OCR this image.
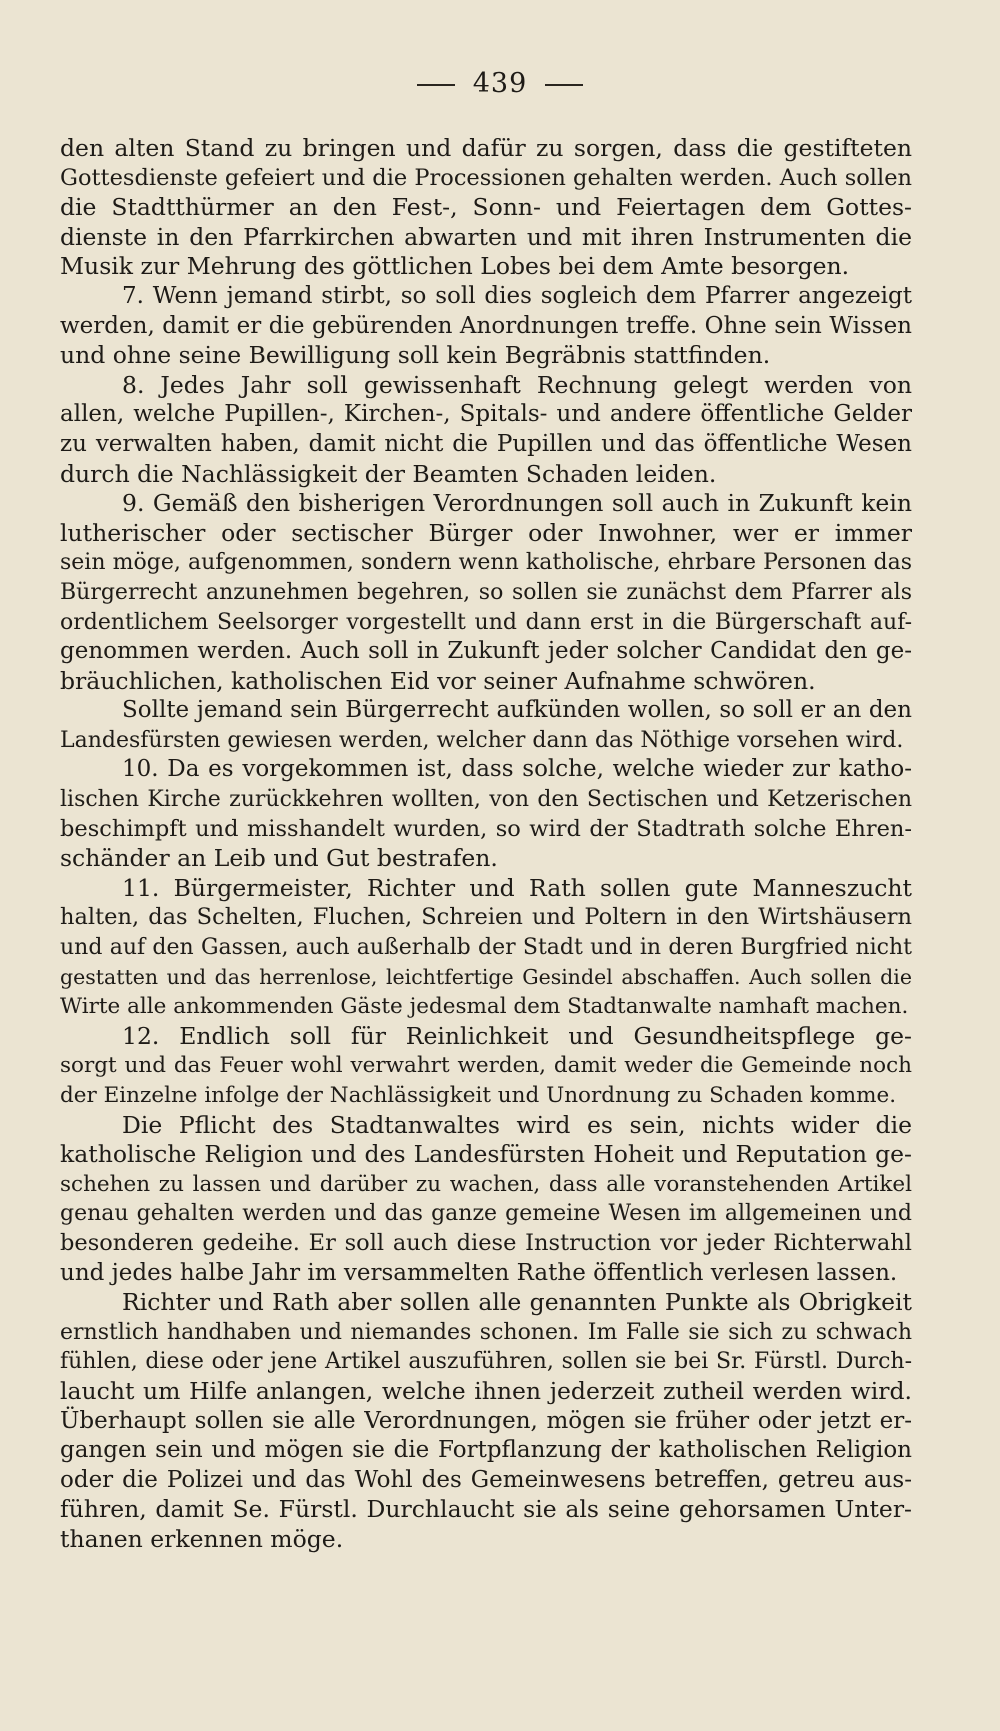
439
den alten Stand zu bringen und dafür zu sorgen, dass die gestifteten
Gottesdienste gefeiert und die Processionen gehalten werden. Auch sollen
die Stadtthürmer an den Fest-, Sonn- und Feiertagen dem Gottes-
dienste in den Pfarrkirchen abwarten und mit ihren Instrumenten die
Musik zur Mehrung des göttlichen Lobes bei dem Amte besorgen.
7. Wenn jemand stirbt, so soll dies sogleich dem Pfarrer angezeigt
werden, damit er die gebürenden Anordnungen treffe. Ohne sein Wissen
und ohne seine Bewilligung soll kein Begräbnis stattfinden.
8. Jedes Jahr soll gewissenhaft Rechnung gelegt werden von
allen, welche Pupillen-, Kirchen-, Spitals- und andere öffentliche Gelder
zu verwalten haben, damit nicht die Pupillen und das öffentliche Wesen
durch die Nachlässigkeit der Beamten Schaden leiden.
9. Gemäß den bisherigen Verordnungen soll auch in Zukunft kein
lutherischer oder sectischer Bürger oder Inwohner, wer er immer
sein möge, aufgenommen, sondern wenn katholische, ehrbare Personen das
Bürgerrecht anzunehmen begehren, so sollen sie zunächst dem Pfarrer als
ordentlichem Seelsorger vorgestellt und dann erst in die Bürgerschaft auf-
genommen werden. Auch soll in Zukunft jeder solcher Candidat den ge-
bräuchlichen, katholischen Eid vor seiner Aufnahme schwören.
Sollte jemand sein Bürgerrecht aufkünden wollen, so soll er an den
Landesfürsten gewiesen werden, welcher dann das Nöthige vorsehen wird.
10. Da es vorgekommen ist, dass solche, welche wieder zur katho-
lischen Kirche zurückkehren wollten, von den Sectischen und Ketzerischen
beschimpft und misshandelt wurden, so wird der Stadtrath solche Ehren-
schänder an Leib und Gut bestrafen.
11. Bürgermeister, Richter und Rath sollen gute Manneszucht
halten, das Schelten, Fluchen, Schreien und Poltern in den Wirtshäusern
und auf den Gassen, auch außerhalb der Stadt und in deren Burgfried nicht
gestatten und das herrenlose, leichtfertige Gesindel abschaffen. Auch sollen die
Wirte alle ankommenden Gäste jedesmal dem Stadtanwalte namhaft machen.
12. Endlich soll für Reinlichkeit und Gesundheitspflege ge-
sorgt und das Feuer wohl verwahrt werden, damit weder die Gemeinde noch
der Einzelne infolge der Nachlässigkeit und Unordnung zu Schaden komme.
Die Pflicht des Stadtanwaltes wird es sein, nichts wider die
katholische Religion und des Landesfürsten Hoheit und Reputation ge-
schehen zu lassen und darüber zu wachen, dass alle voranstehenden Artikel
genau gehalten werden und das ganze gemeine Wesen im allgemeinen und
besonderen gedeihe. Er soll auch diese Instruction vor jeder Richterwahl
und jedes halbe Jahr im versammelten Rathe öffentlich verlesen lassen.
Richter und Rath aber sollen alle genannten Punkte als Obrigkeit
ernstlich handhaben und niemandes schonen. Im Falle sie sich zu schwach
fühlen, diese oder jene Artikel auszuführen, sollen sie bei Sr. Fürstl. Durch-
laucht um Hilfe anlangen, welche ihnen jederzeit zutheil werden wird.
Überhaupt sollen sie alle Verordnungen, mögen sie früher oder jetzt er-
gangen sein und mögen sie die Fortpflanzung der katholischen Religion
oder die Polizei und das Wohl des Gemeinwesens betreffen, getreu aus-
führen, damit Se. Fürstl. Durchlaucht sie als seine gehorsamen Unter-
thanen erkennen möge.
